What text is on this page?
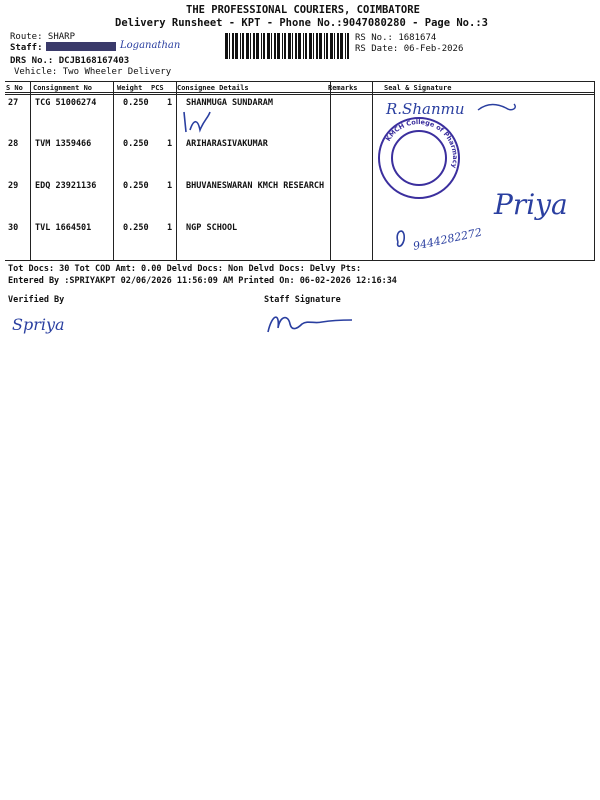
THE PROFESSIONAL COURIERS, COIMBATORE
Delivery Runsheet - KPT - Phone No.:9047080280 - Page No.:3
Route: SHARP
Staff:	Loganathan
DRS No.: DCJB168167403
Vehicle: Two Wheeler Delivery
RS No.: 1681674
RS Date: 06-Feb-2026
S No Consignment No	Weight PCS Consignee Details	Remarks	Seal & Signature
27 TCG 51006274	0.250 1 SHANMUGA SUNDARAM
28 TVM 1359466	0.250 1 ARIHARASIVAKUMAR
29 EDQ 23921136	0.250 1 BHUVANESWARAN KMCH RESEARCH
30 TVL 1664501	0.250 1 NGP SCHOOL
R.Shanmu
KMCH College of Pharmacy
Priya
9444282272
Tot Docs: 30 Tot COD Amt: 0.00 Delvd Docs: Non Delvd Docs: Delvy Pts:
Entered By :SPRIYAKPT 02/06/2026 11:56:09 AM Printed On: 06-02-2026 12:16:34
Verified By	Staff Signature
Spriya
